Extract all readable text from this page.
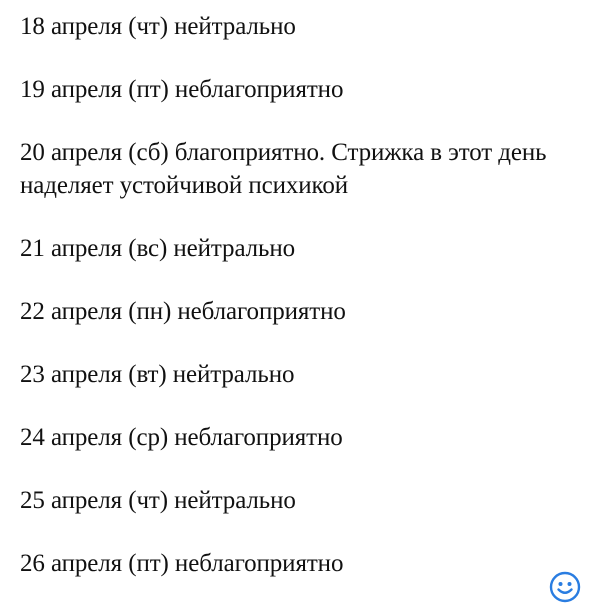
18 апреля (чт) нейтрально

19 апреля (пт) неблагоприятно

20 апреля (сб) благоприятно. Стрижка в этот день наделяет устойчивой психикой

21 апреля (вс) нейтрально

22 апреля (пн) неблагоприятно

23 апреля (вт) нейтрально

24 апреля (ср) неблагоприятно

25 апреля (чт) нейтрально

26 апреля (пт) неблагоприятно
